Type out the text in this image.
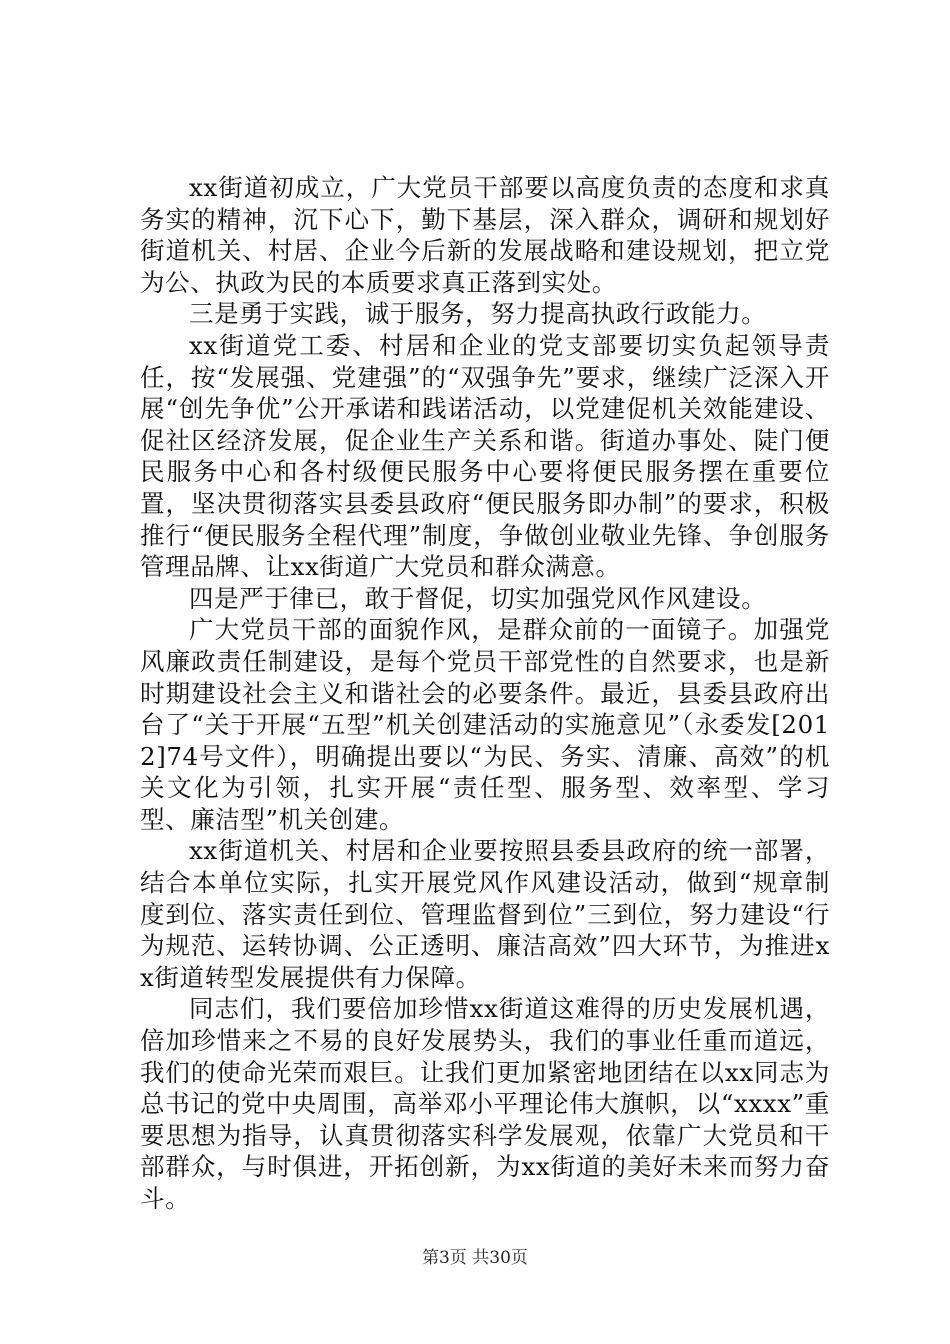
xx街道初成立，广大党员干部要以高度负责的态度和求真务实的精神，沉下心下，勤下基层，深入群众，调研和规划好街道机关、村居、企业今后新的发展战略和建设规划，把立党为公、执政为民的本质要求真正落到实处。

三是勇于实践，诚于服务，努力提高执政行政能力。

xx街道党工委、村居和企业的党支部要切实负起领导责任，按“发展强、党建强”的“双强争先”要求，继续广泛深入开展“创先争优”公开承诺和践诺活动，以党建促机关效能建设、促社区经济发展，促企业生产关系和谐。街道办事处、陡门便民服务中心和各村级便民服务中心要将便民服务摆在重要位置，坚决贯彻落实县委县政府“便民服务即办制”的要求，积极推行“便民服务全程代理”制度，争做创业敬业先锋、争创服务管理品牌、让xx街道广大党员和群众满意。

四是严于律已，敢于督促，切实加强党风作风建设。

广大党员干部的面貌作风，是群众前的一面镜子。加强党风廉政责任制建设，是每个党员干部党性的自然要求，也是新时期建设社会主义和谐社会的必要条件。最近，县委县政府出台了“关于开展“五型”机关创建活动的实施意见”（永委发[2012]74号文件），明确提出要以“为民、务实、清廉、高效”的机关文化为引领，扎实开展“责任型、服务型、效率型、学习型、廉洁型”机关创建。

xx街道机关、村居和企业要按照县委县政府的统一部署，结合本单位实际，扎实开展党风作风建设活动，做到“规章制度到位、落实责任到位、管理监督到位”三到位，努力建设“行为规范、运转协调、公正透明、廉洁高效”四大环节，为推进xx街道转型发展提供有力保障。

同志们，我们要倍加珍惜xx街道这难得的历史发展机遇，倍加珍惜来之不易的良好发展势头，我们的事业任重而道远，我们的使命光荣而艰巨。让我们更加紧密地团结在以xx同志为总书记的党中央周围，高举邓小平理论伟大旗帜，以“xxxx”重要思想为指导，认真贯彻落实科学发展观，依靠广大党员和干部群众，与时俱进，开拓创新，为xx街道的美好未来而努力奋斗。

第3页 共30页
